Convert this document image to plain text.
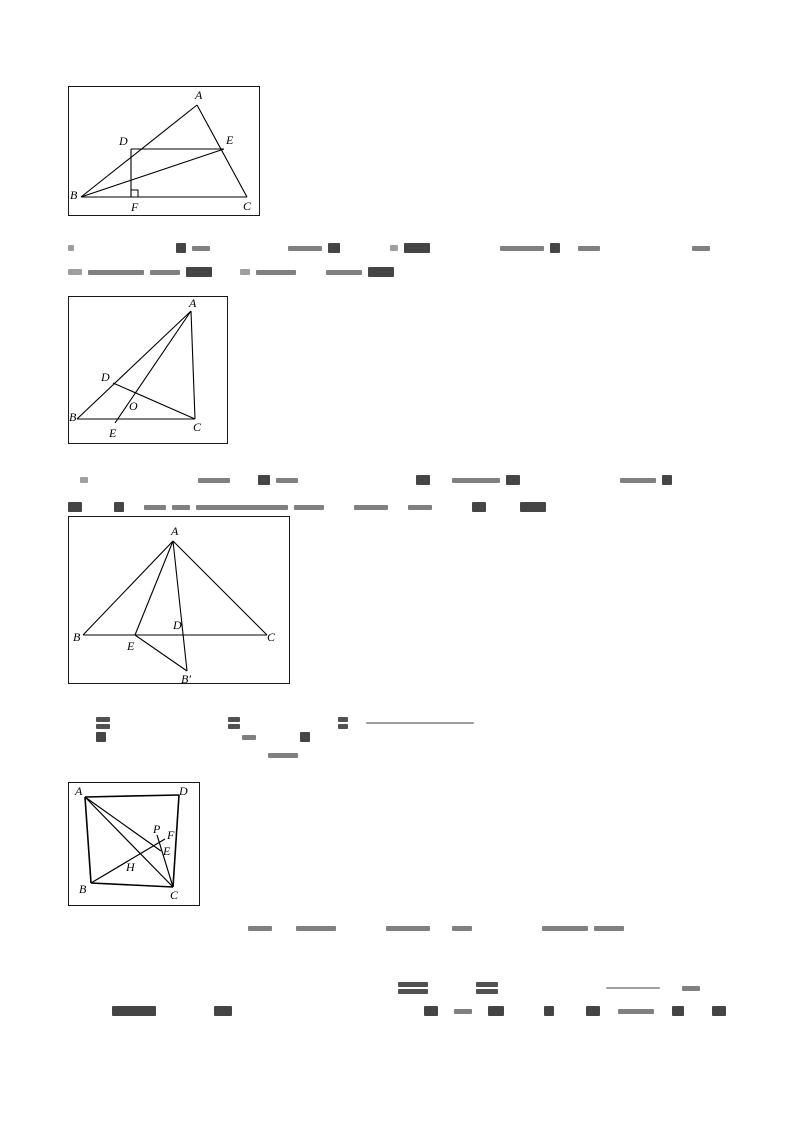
A
D	E
B
F	C
D
A
O
B
E	C
A
D
B
E
C
B′
A	D
P F
E
H
B	C
